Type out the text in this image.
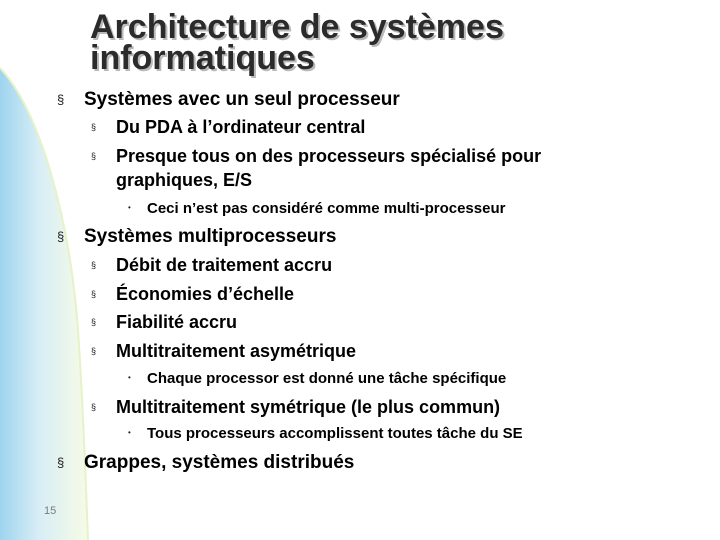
Architecture de systèmes
informatiques
§ Systèmes avec un seul processeur
§ Du PDA à l’ordinateur central
§ Presque tous on des processeurs spécialisé pour
graphiques, E/S
• Ceci n’est pas considéré comme multi-processeur
§ Systèmes multiprocesseurs
§ Débit de traitement accru
§ Économies d’échelle
§ Fiabilité accru
§ Multitraitement asymétrique
• Chaque processor est donné une tâche spécifique
§ Multitraitement symétrique (le plus commun)
• Tous processeurs accomplissent toutes tâche du SE
§ Grappes, systèmes distribués
15
